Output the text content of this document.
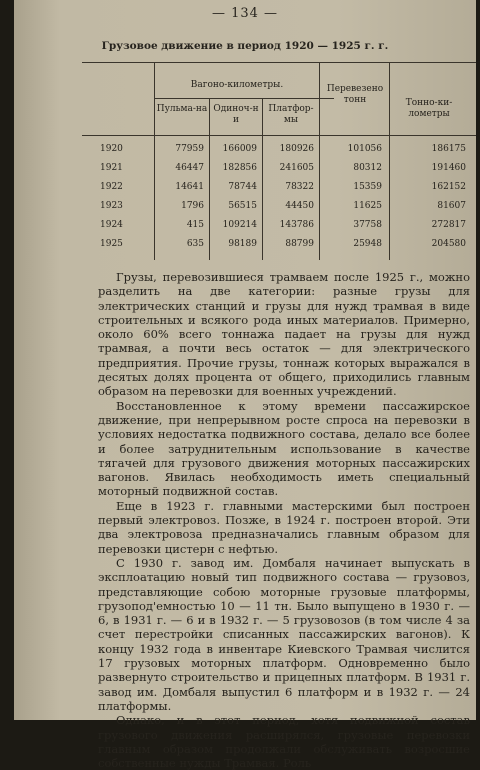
— 134 —
Грузовое движение в период 1920 — 1925 г. г.
Вагоно-километры.
Пульма-на Одиноч-н и
Платфор-мы
Перевезено тонн	Тонно-ки-лометры
1920	77959	166009	180926	101056	186175
1921	46447	182856	241605	80312	191460
1922	14641	78744	78322	15359	162152
1923	1796	56515	44450	11625	81607
1924	415	109214	143786	37758	272817
1925	635	98189	88799	25948	204580

Грузы, перевозившиеся трамваем после 1925 г., можно разделить на две категории: разные грузы для электрических станций и грузы для нужд трамвая в виде строительных и всякого рода иных материалов. Примерно, около 60% всего тоннажа падает на грузы для нужд трамвая, а почти весь остаток — для электрического предприятия. Прочие грузы, тоннаж которых выражался в десятых долях процента от общего, приходились главным образом на перевозки для военных учреждений.

Восстановленное к этому времени пассажирское движение, при непрерывном росте спроса на перевозки в условиях недостатка подвижного состава, делало все более и более затруднительным использование в качестве тягачей для грузового движения моторных пассажирских вагонов. Явилась необходимость иметь специальный моторный подвижной состав.

Еще в 1923 г. главными мастерскими был построен первый электровоз. Позже, в 1924 г. построен второй. Эти два электровоза предназначались главным образом для перевозки цистерн с нефтью.

С 1930 г. завод им. Домбаля начинает выпускать в эксплоатацию новый тип подвижного состава — грузовоз, представляющие собою моторные грузовые платформы, грузопод'емностью 10 — 11 тн. Было выпущено в 1930 г. — 6, в 1931 г. — 6 и в 1932 г. — 5 грузовозов (в том числе 4 за счет перестройки списанных пассажирских вагонов). К концу 1932 года в инвентаре Киевского Трамвая числится 17 грузовых моторных платформ. Одновременно было развернуто строительство и прицепных платформ. В 1931 г. завод им. Домбаля выпустил 6 платформ и в 1932 г. — 24 платформы.

Однако, и в этот период, хотя подвижной состав грузового движения расширялся, грузовые перевозки главным образом продолжали обслуживать возросшие собственные нужды Трамвая. Роль
